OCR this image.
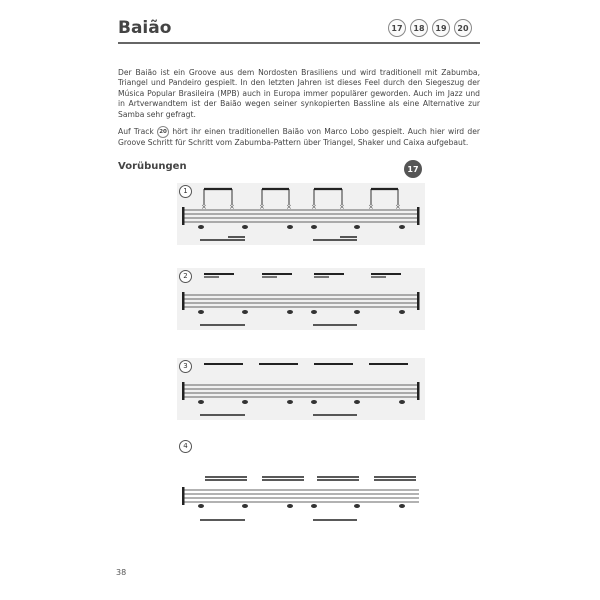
Baião	17	18	19	20

Der Baião ist ein Groove aus dem Nordosten Brasiliens und wird traditionell mit Zabumba, Triangel und Pandeiro gespielt. In den letzten Jahren ist dieses Feel durch den Siegeszug der Música Popular Brasileira (MPB) auch in Europa immer populärer geworden. Auch im Jazz und in Artverwandtem ist der Baião wegen seiner synkopierten Bassline als eine Alternative zur Samba sehr gefragt.

Auf Track 20 hört ihr einen traditionellen Baião von Marco Lobo gespielt. Auch hier wird der Groove Schritt für Schritt vom Zabumba-Pattern über Triangel, Shaker und Caixa aufgebaut.

Vorübungen	17
×	×	×	×	×	×	×	×
1
2
3
4
38
